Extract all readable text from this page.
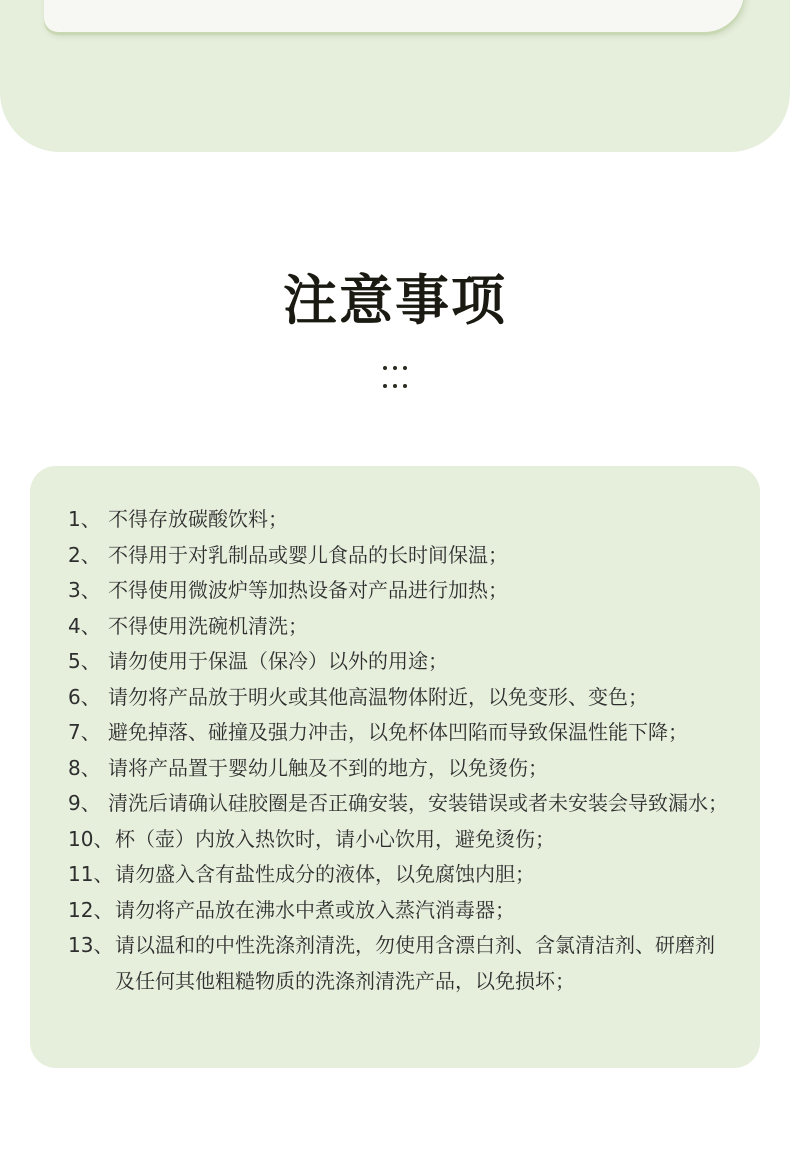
注意事项
1、 不得存放碳酸饮料；
2、 不得用于对乳制品或婴儿食品的长时间保温；
3、 不得使用微波炉等加热设备对产品进行加热；
4、 不得使用洗碗机清洗；
5、 请勿使用于保温（保冷）以外的用途；
6、 请勿将产品放于明火或其他高温物体附近，以免变形、变色；
7、 避免掉落、碰撞及强力冲击，以免杯体凹陷而导致保温性能下降；
8、 请将产品置于婴幼儿触及不到的地方，以免烫伤；
9、 清洗后请确认硅胶圈是否正确安装，安装错误或者未安装会导致漏水；
10、 杯（壶）内放入热饮时，请小心饮用，避免烫伤；
11、 请勿盛入含有盐性成分的液体，以免腐蚀内胆；
12、 请勿将产品放在沸水中煮或放入蒸汽消毒器；
13、 请以温和的中性洗涤剂清洗，勿使用含漂白剂、含氯清洁剂、研磨剂及任何其他粗糙物质的洗涤剂清洗产品，以免损坏；
